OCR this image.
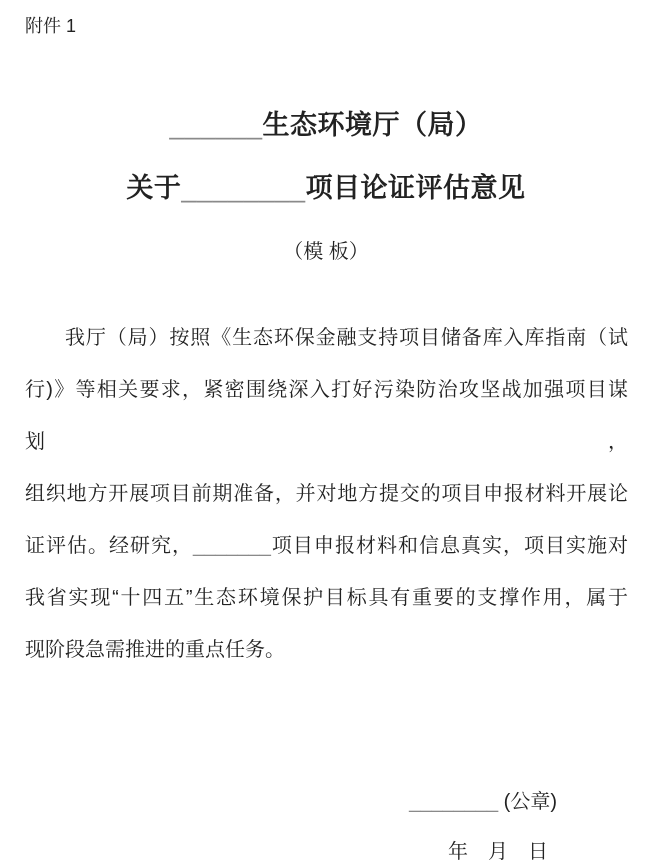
附件 1
______生态环境厅（局）
关于________项目论证评估意见
（模 板）
我厅（局）按照《生态环保金融支持项目储备库入库指南（试
行)》等相关要求，紧密围绕深入打好污染防治攻坚战加强项目谋划，
组织地方开展项目前期准备，并对地方提交的项目申报材料开展论
证评估。经研究，_______项目申报材料和信息真实，项目实施对
我省实现“十四五”生态环境保护目标具有重要的支撑作用，属于
现阶段急需推进的重点任务。
________ (公章)
年　月　日
